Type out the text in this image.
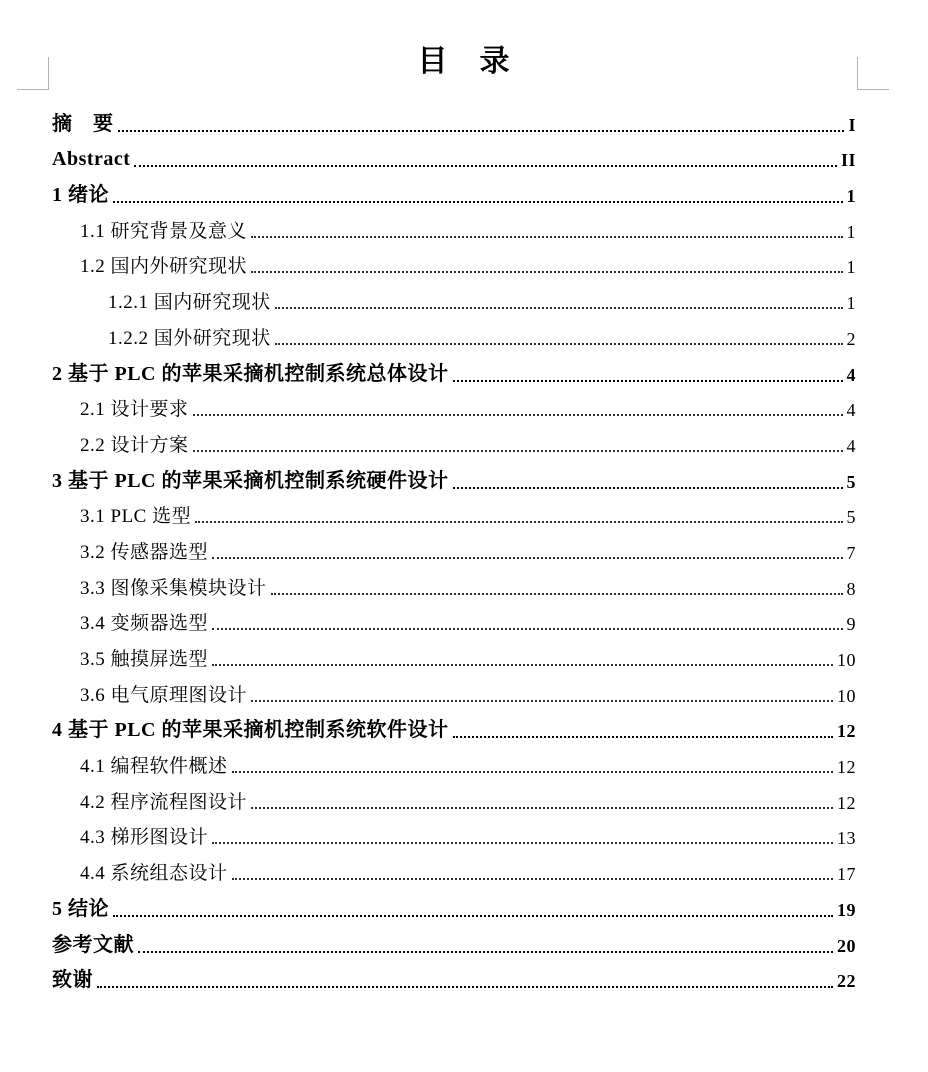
目　录
摘　要	I
Abstract	II
1 绪论	1
1.1 研究背景及意义	1
1.2 国内外研究现状	1
1.2.1 国内研究现状	1
1.2.2 国外研究现状	2
2 基于 PLC 的苹果采摘机控制系统总体设计	4
2.1 设计要求	4
2.2 设计方案	4
3 基于 PLC 的苹果采摘机控制系统硬件设计	5
3.1 PLC 选型	5
3.2 传感器选型	7
3.3 图像采集模块设计	8
3.4 变频器选型	9
3.5 触摸屏选型	10
3.6 电气原理图设计	10
4 基于 PLC 的苹果采摘机控制系统软件设计	12
4.1 编程软件概述	12
4.2 程序流程图设计	12
4.3 梯形图设计	13
4.4 系统组态设计	17
5 结论	19
参考文献	20
致谢	22
